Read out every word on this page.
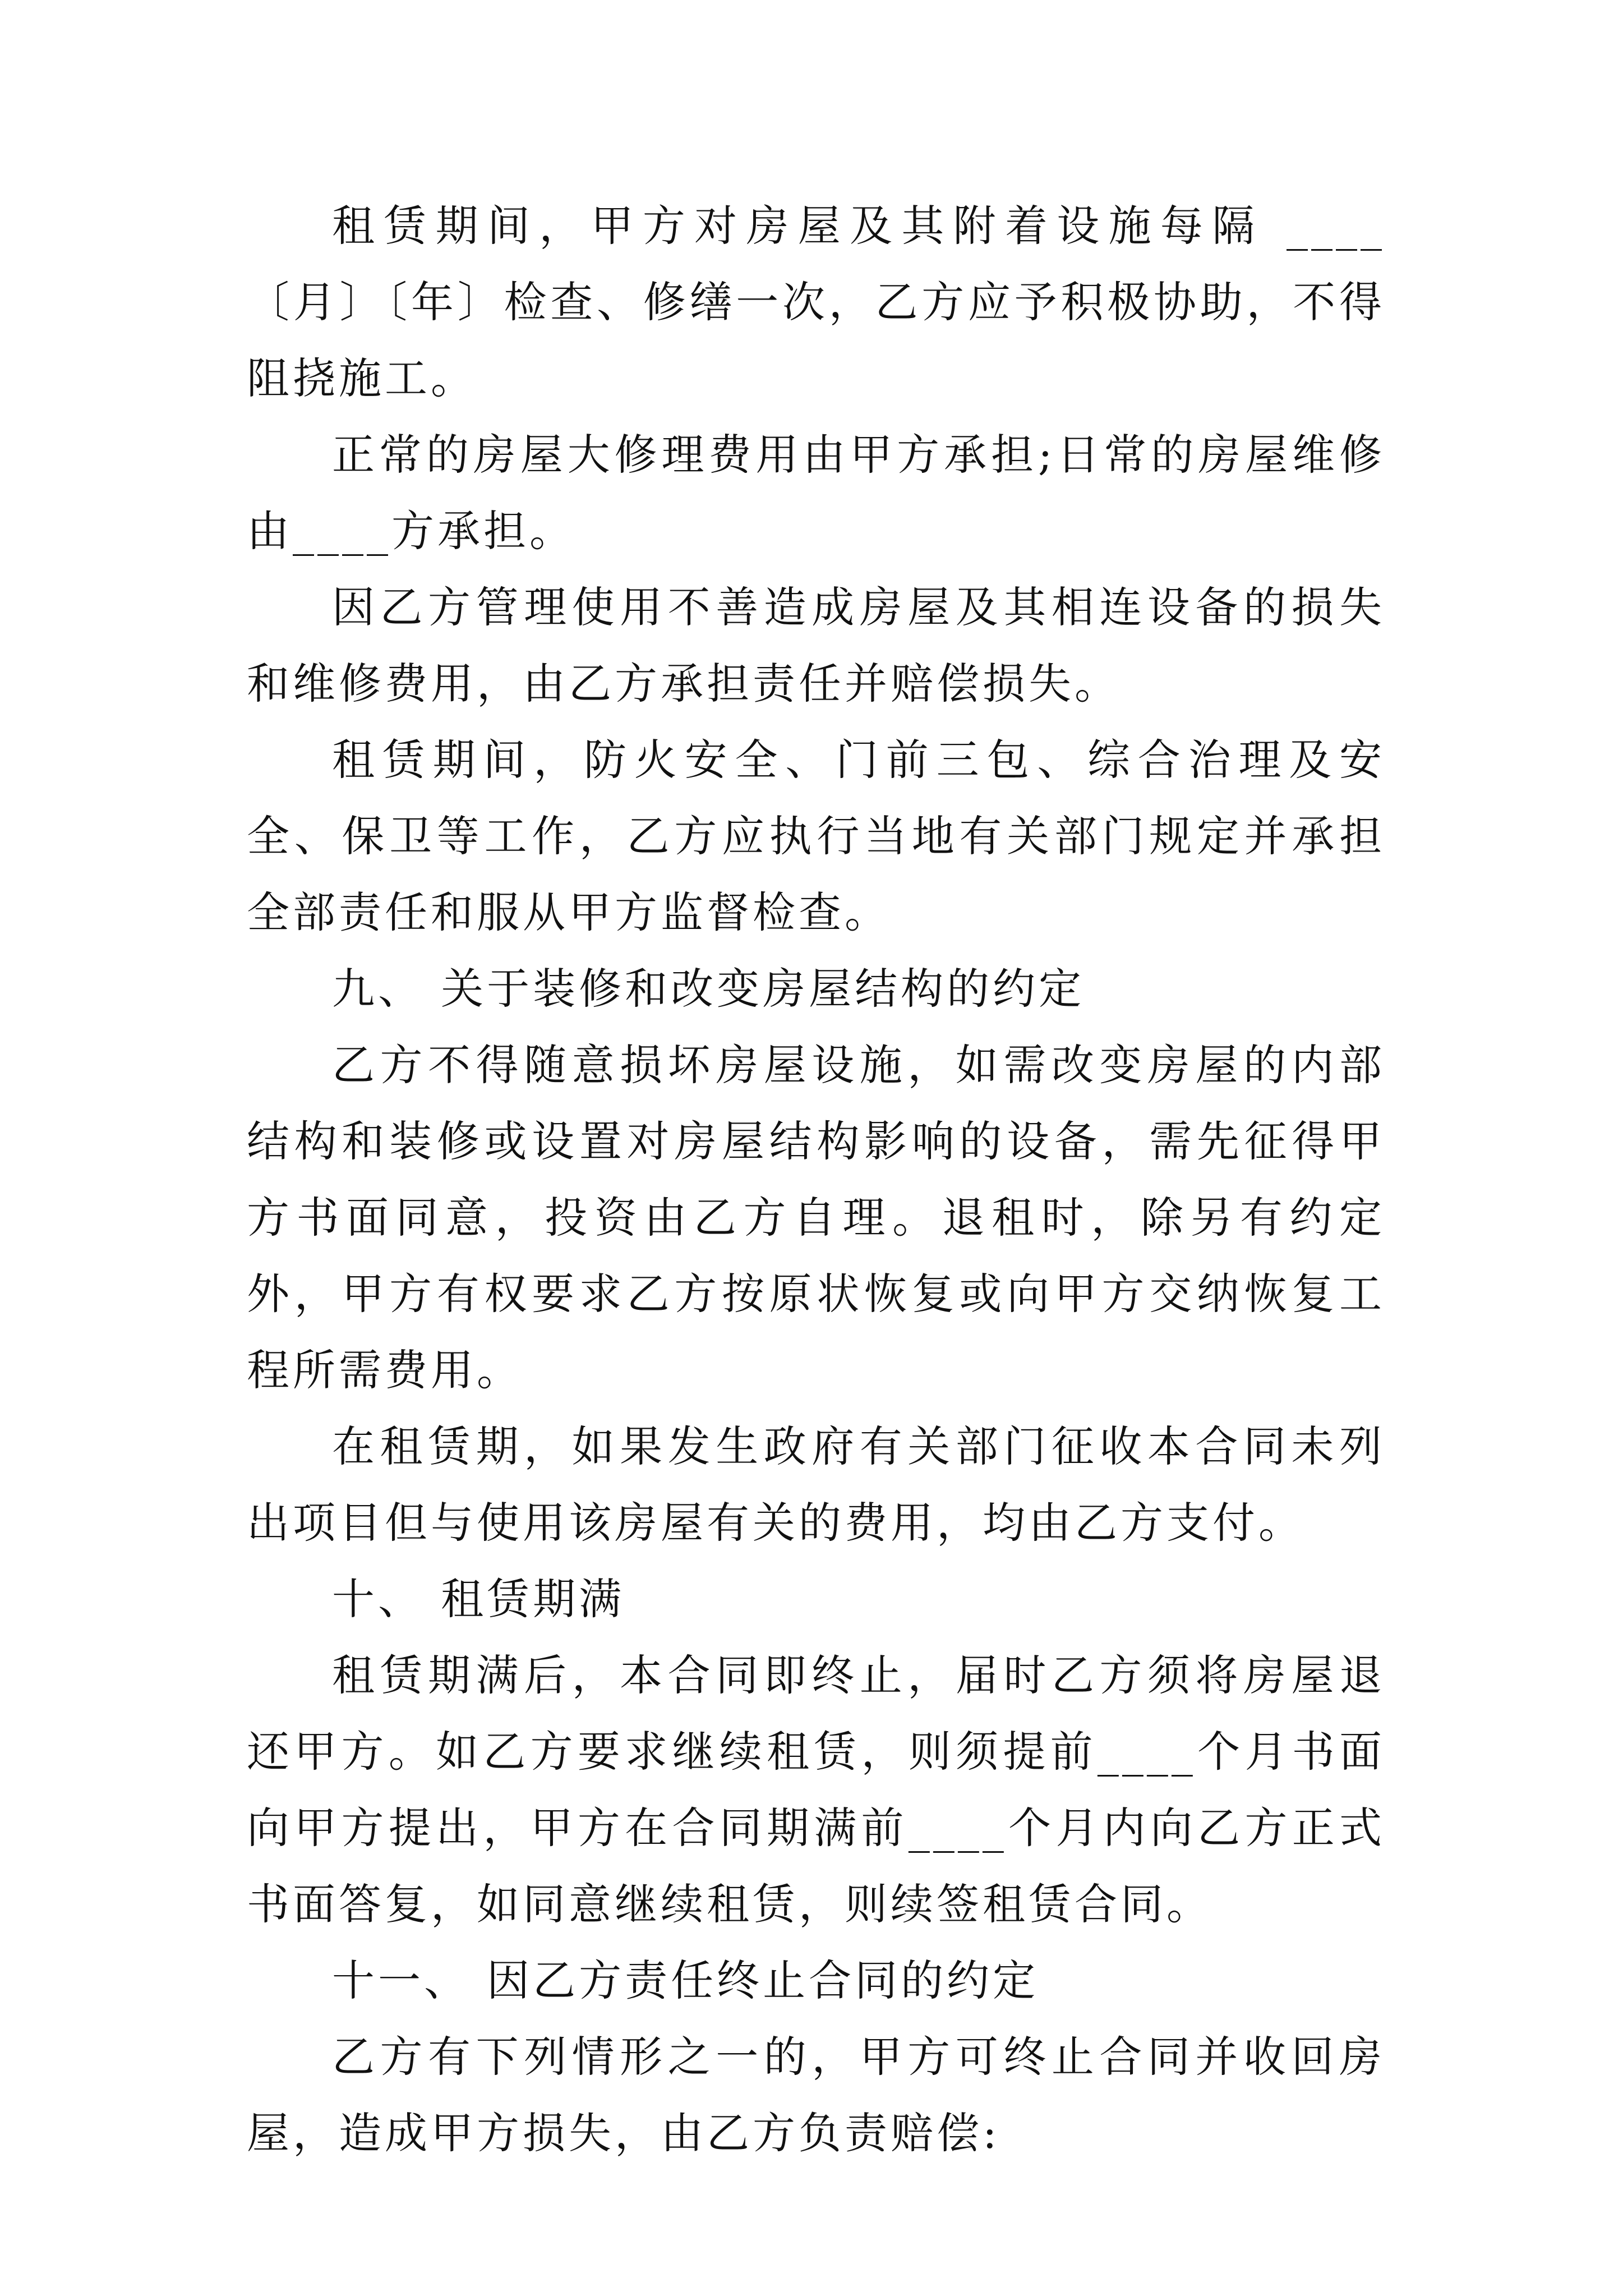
租赁期间，甲方对房屋及其附着设施每隔 ____〔月〕〔年〕检查、修缮一次，乙方应予积极协助，不得阻挠施工。

正常的房屋大修理费用由甲方承担;日常的房屋维修由____方承担。

因乙方管理使用不善造成房屋及其相连设备的损失和维修费用，由乙方承担责任并赔偿损失。

租赁期间，防火安全、门前三包、综合治理及安全、保卫等工作，乙方应执行当地有关部门规定并承担全部责任和服从甲方监督检查。

九、 关于装修和改变房屋结构的约定

乙方不得随意损坏房屋设施，如需改变房屋的内部结构和装修或设置对房屋结构影响的设备，需先征得甲方书面同意，投资由乙方自理。退租时，除另有约定外，甲方有权要求乙方按原状恢复或向甲方交纳恢复工程所需费用。

在租赁期，如果发生政府有关部门征收本合同未列出项目但与使用该房屋有关的费用，均由乙方支付。

十、 租赁期满

租赁期满后，本合同即终止，届时乙方须将房屋退还甲方。如乙方要求继续租赁，则须提前____个月书面向甲方提出，甲方在合同期满前____个月内向乙方正式书面答复，如同意继续租赁，则续签租赁合同。

十一、 因乙方责任终止合同的约定

乙方有下列情形之一的，甲方可终止合同并收回房屋，造成甲方损失，由乙方负责赔偿:
